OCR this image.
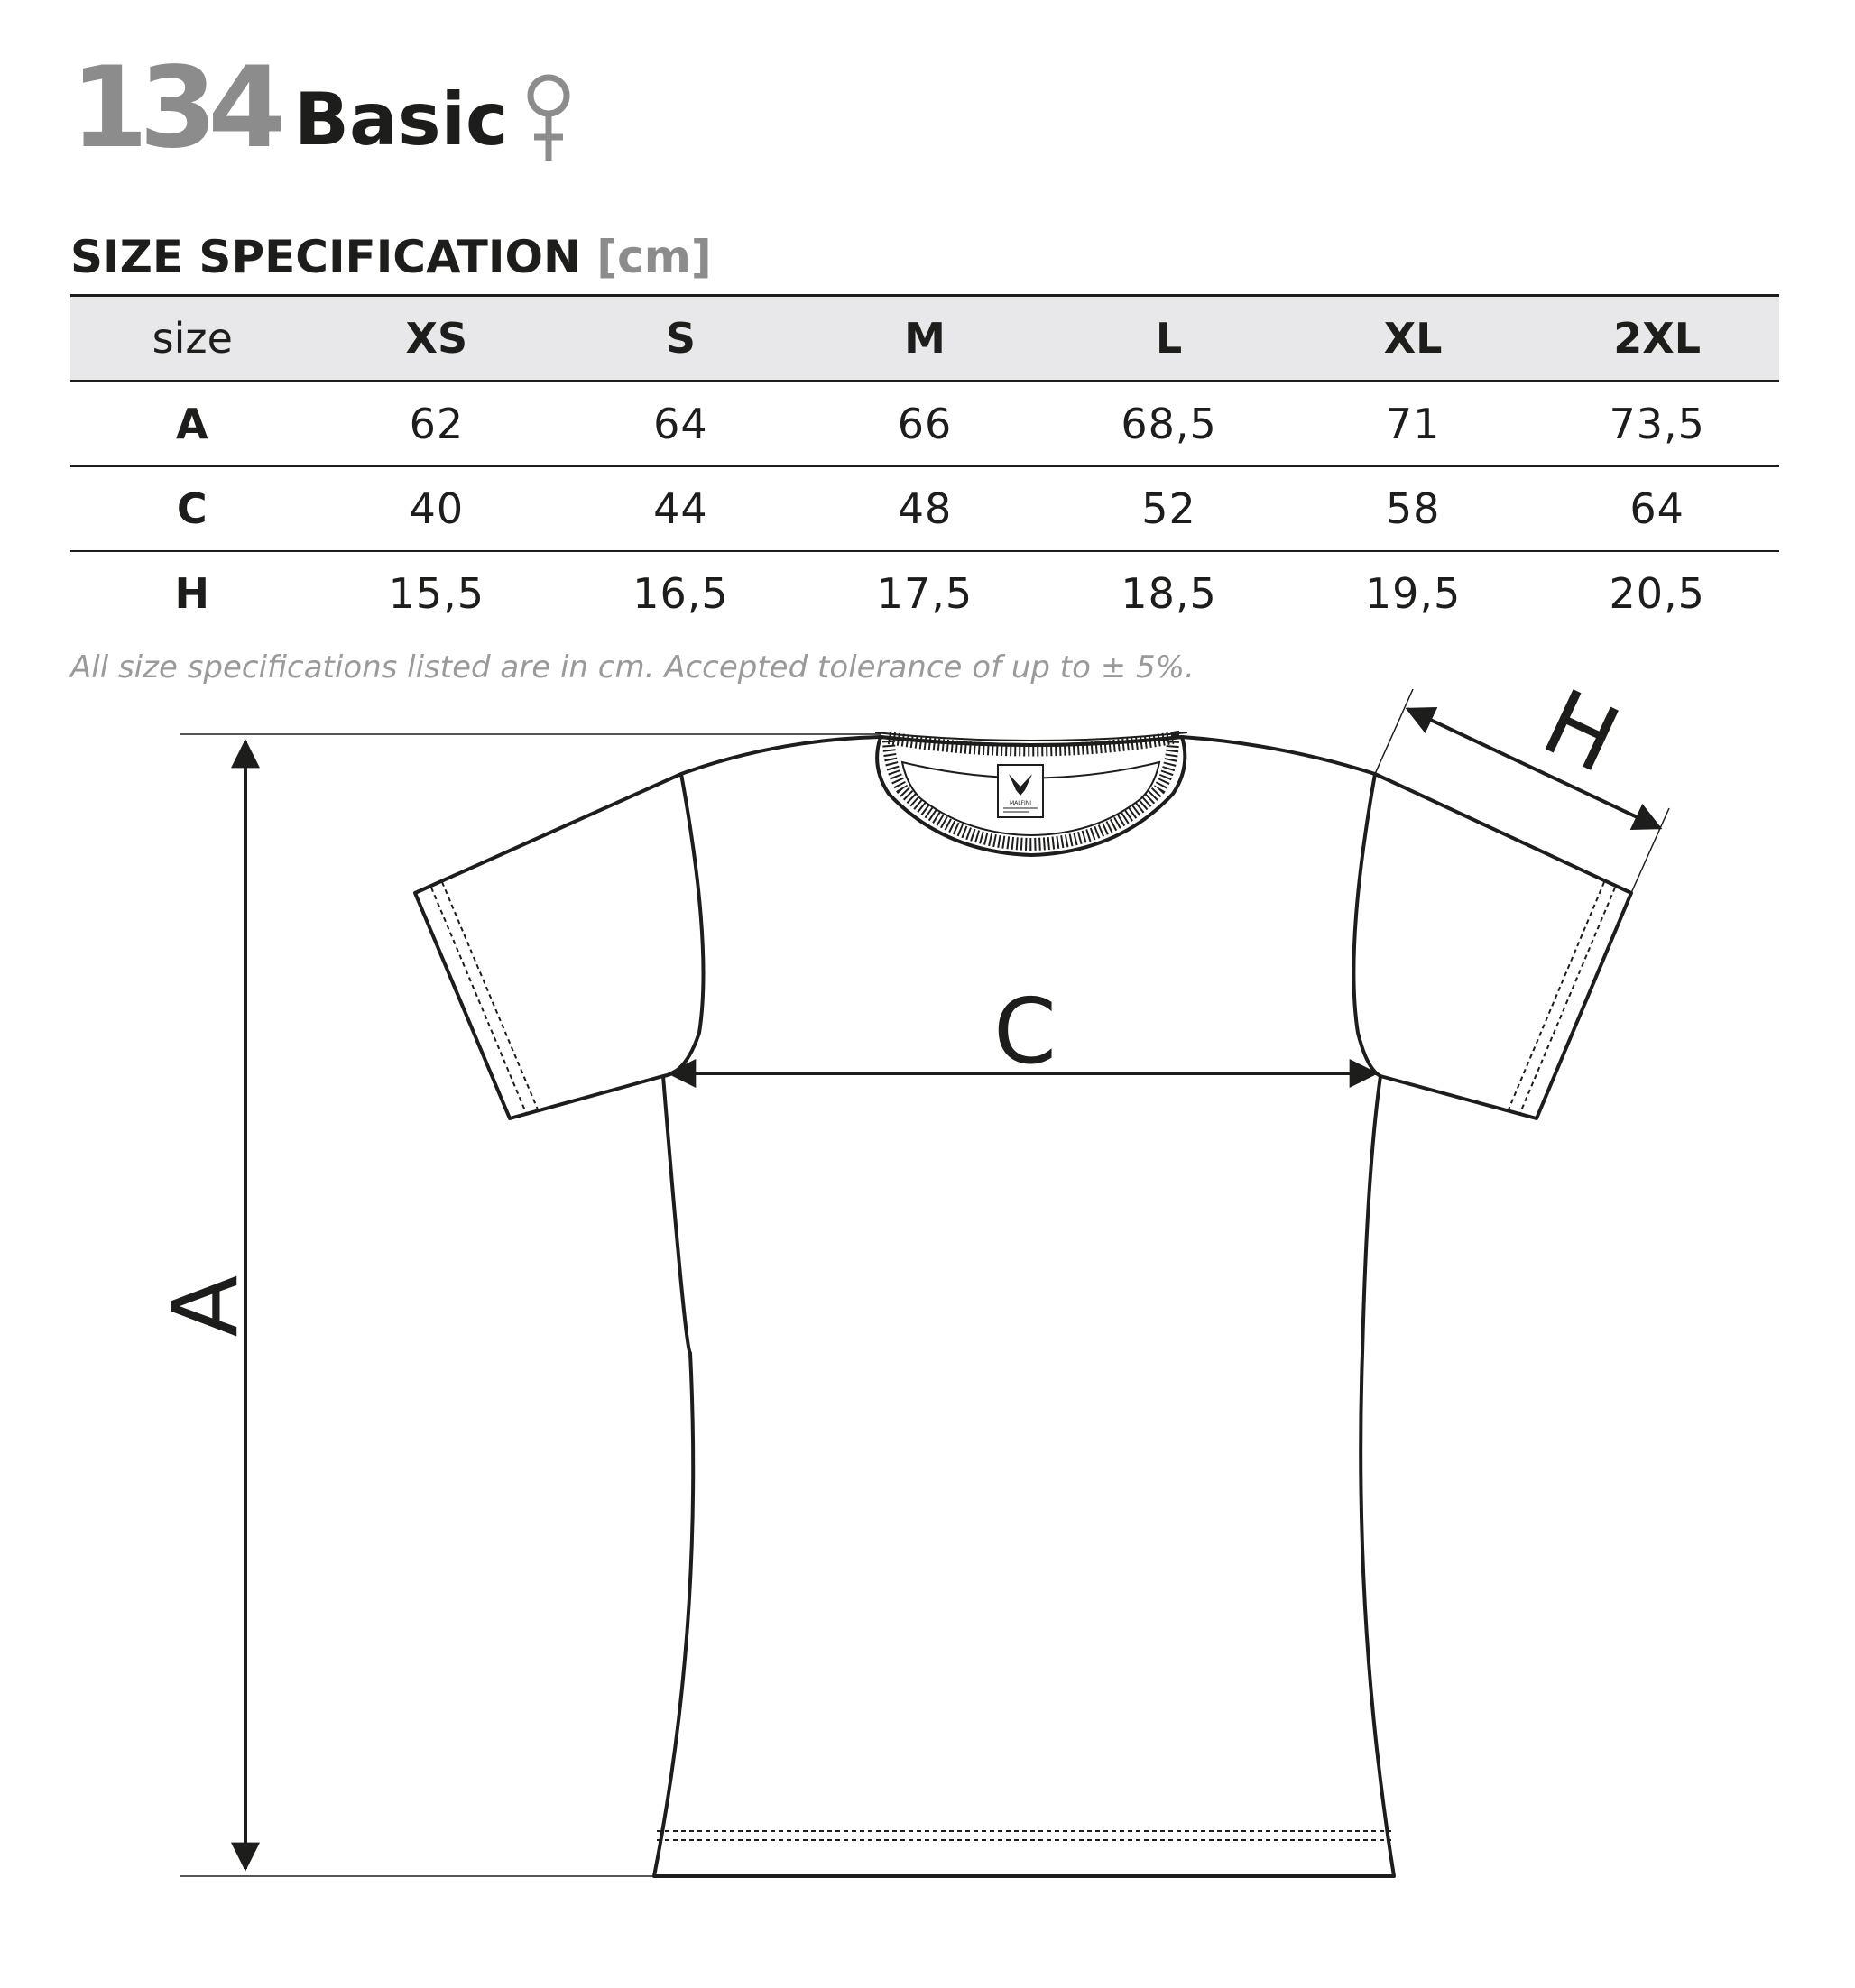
134 Basic
SIZE SPECIFICATION [cm]
size	XS	S	M	L	XL	2XL
A	62	64	66	68,5	71	73,5
C	40	44	48	52	58	64
H	15,5	16,5	17,5	18,5	19,5	20,5
All size specifications listed are in cm. Accepted tolerance of up to ± 5%.
MALFINI
A
C
H
